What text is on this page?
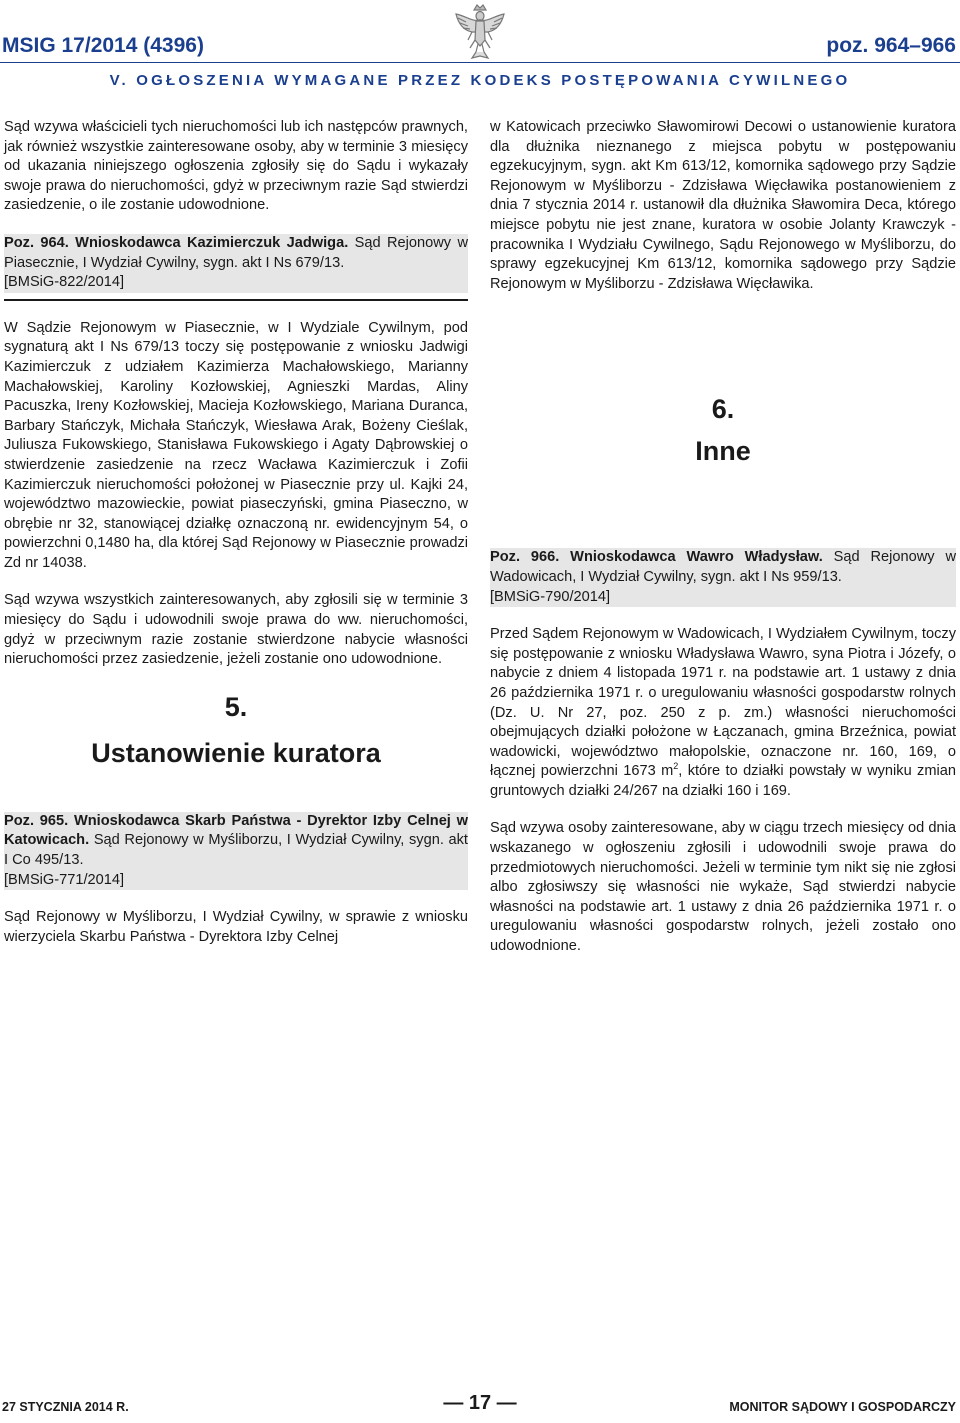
MSIG 17/2014 (4396)	poz. 964–966
V. OGŁOSZENIA WYMAGANE PRZEZ KODEKS POSTĘPOWANIA CYWILNEGO

Sąd wzywa właścicieli tych nieruchomości lub ich następców prawnych, jak również wszystkie zainteresowane osoby, aby w terminie 3 miesięcy od ukazania niniejszego ogłoszenia zgłosiły się do Sądu i wykazały swoje prawa do nieruchomości, gdyż w przeciwnym razie Sąd stwierdzi zasiedzenie, o ile zostanie udowodnione.

Poz. 964. Wnioskodawca Kazimierczuk Jadwiga. Sąd Rejonowy w Piasecznie, I Wydział Cywilny, sygn. akt I Ns 679/13.
[BMSiG-822/2014]

W Sądzie Rejonowym w Piasecznie, w I Wydziale Cywilnym, pod sygnaturą akt I Ns 679/13 toczy się postępowanie z wniosku Jadwigi Kazimierczuk z udziałem Kazimierza Machałowskiego, Marianny Machałowskiej, Karoliny Kozłowskiej, Agnieszki Mardas, Aliny Pacuszka, Ireny Kozłowskiej, Macieja Kozłowskiego, Mariana Duranca, Barbary Stańczyk, Michała Stańczyk, Wiesława Arak, Bożeny Cieślak, Juliusza Fukowskiego, Stanisława Fukowskiego i Agaty Dąbrowskiej o stwierdzenie zasiedzenie na rzecz Wacława Kazimierczuk i Zofii Kazimierczuk nieruchomości położonej w Piasecznie przy ul. Kajki 24, województwo mazowieckie, powiat piaseczyński, gmina Piaseczno, w obrębie nr 32, stanowiącej działkę oznaczoną nr. ewidencyjnym 54, o powierzchni 0,1480 ha, dla której Sąd Rejonowy w Piasecznie prowadzi Zd nr 14038.

Sąd wzywa wszystkich zainteresowanych, aby zgłosili się w terminie 3 miesięcy do Sądu i udowodnili swoje prawa do ww. nieruchomości, gdyż w przeciwnym razie zostanie stwierdzone nabycie własności nieruchomości przez zasiedzenie, jeżeli zostanie ono udowodnione.

5.
Ustanowienie kuratora

Poz. 965. Wnioskodawca Skarb Państwa - Dyrektor Izby Celnej w Katowicach. Sąd Rejonowy w Myśliborzu, I Wydział Cywilny, sygn. akt I Co 495/13.
[BMSiG-771/2014]

Sąd Rejonowy w Myśliborzu, I Wydział Cywilny, w sprawie z wniosku wierzyciela Skarbu Państwa - Dyrektora Izby Celnej

w Katowicach przeciwko Sławomirowi Decowi o ustanowienie kuratora dla dłużnika nieznanego z miejsca pobytu w postępowaniu egzekucyjnym, sygn. akt Km 613/12, komornika sądowego przy Sądzie Rejonowym w Myśliborzu - Zdzisława Więcławika postanowieniem z dnia 7 stycznia 2014 r. ustanowił dla dłużnika Sławomira Deca, którego miejsce pobytu nie jest znane, kuratora w osobie Jolanty Krawczyk - pracownika I Wydziału Cywilnego, Sądu Rejonowego w Myśliborzu, do sprawy egzekucyjnej Km 613/12, komornika sądowego przy Sądzie Rejonowym w Myśliborzu - Zdzisława Więcławika.

6.
Inne

Poz. 966. Wnioskodawca Wawro Władysław. Sąd Rejonowy w Wadowicach, I Wydział Cywilny, sygn. akt I Ns 959/13.
[BMSiG-790/2014]

Przed Sądem Rejonowym w Wadowicach, I Wydziałem Cywilnym, toczy się postępowanie z wniosku Władysława Wawro, syna Piotra i Józefy, o nabycie z dniem 4 listopada 1971 r. na podstawie art. 1 ustawy z dnia 26 października 1971 r. o uregulowaniu własności gospodarstw rolnych (Dz. U. Nr 27, poz. 250 z p. zm.) własności nieruchomości obejmujących działki położone w Łączanach, gmina Brzeźnica, powiat wadowicki, województwo małopolskie, oznaczone nr. 160, 169, o łącznej powierzchni 1673 $m^2$, które to działki powstały w wyniku zmian gruntowych działki 24/267 na działki 160 i 169.

Sąd wzywa osoby zainteresowane, aby w ciągu trzech miesięcy od dnia wskazanego w ogłoszeniu zgłosili i udowodnili swoje prawa do przedmiotowych nieruchomości. Jeżeli w terminie tym nikt się nie zgłosi albo zgłosiwszy się własności nie wykaże, Sąd stwierdzi nabycie własności na podstawie art. 1 ustawy z dnia 26 października 1971 r. o uregulowaniu własności gospodarstw rolnych, jeżeli zostało ono udowodnione.

27 STYCZNIA 2014 R.	— 17 —	MONITOR SĄDOWY I GOSPODARCZY
